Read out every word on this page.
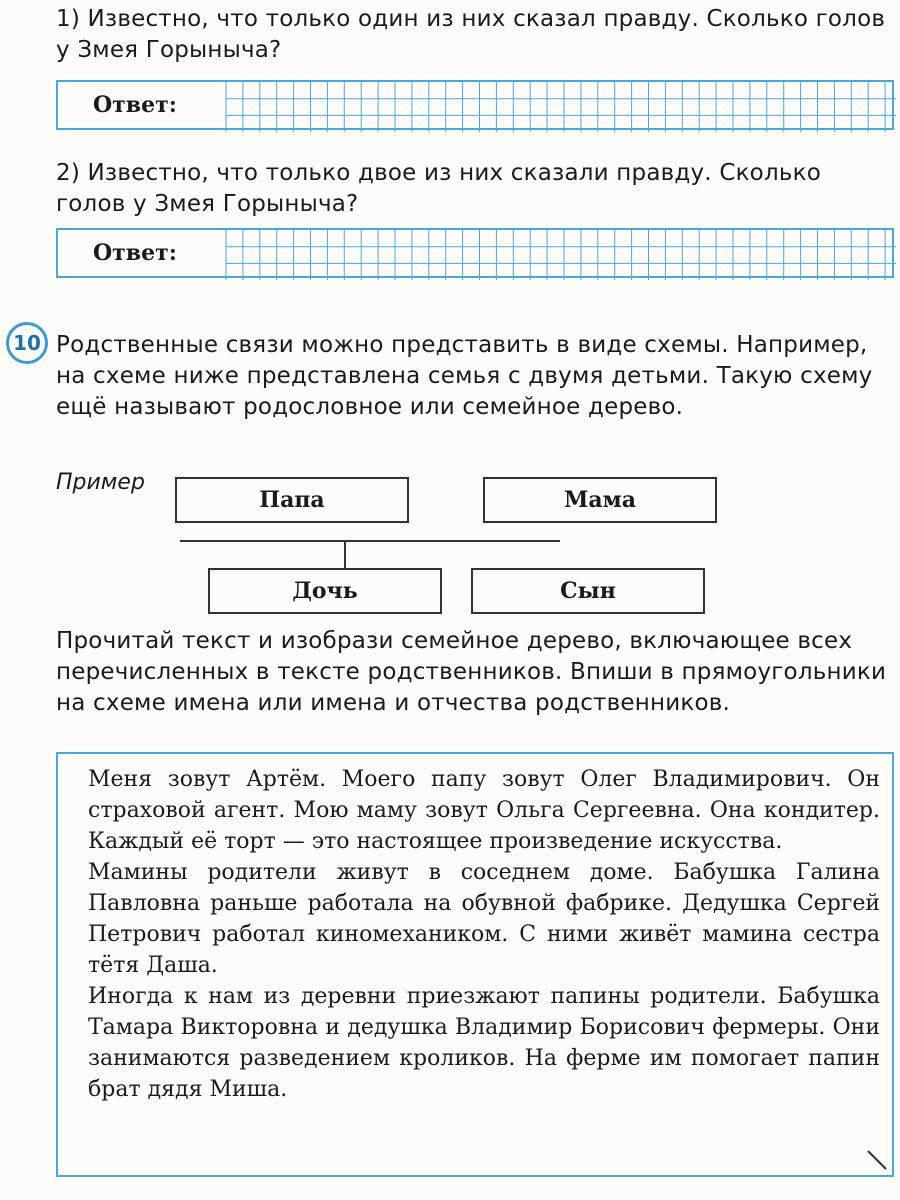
1) Известно, что только один из них сказал правду. Сколько голов у Змея Горыныча?

Ответ:

2) Известно, что только двое из них сказали правду. Сколько голов у Змея Горыныча?

Ответ:
10 Родственные связи можно представить в виде схемы. Например, на схеме ниже представлена семья с двумя детьми. Такую схему ещё называют родословное или семейное дерево.

Пример
Папа	Мама
Дочь	Сын

Прочитай текст и изобрази семейное дерево, включающее всех перечисленных в тексте родственников. Впиши в прямоугольники на схеме имена или имена и отчества родственников.

Меня зовут Артём. Моего папу зовут Олег Владимирович. Он страховой агент. Мою маму зовут Ольга Сергеевна. Она кондитер. Каждый её торт — это настоящее произведение искусства.

Мамины родители живут в соседнем доме. Бабушка Галина Павловна раньше работала на обувной фабрике. Дедушка Сергей Петрович работал киномехаником. С ними живёт мамина сестра тётя Даша.

Иногда к нам из деревни приезжают папины родители. Бабушка Тамара Викторовна и дедушка Владимир Борисович фермеры. Они занимаются разведением кроликов. На ферме им помогает папин брат дядя Миша.
